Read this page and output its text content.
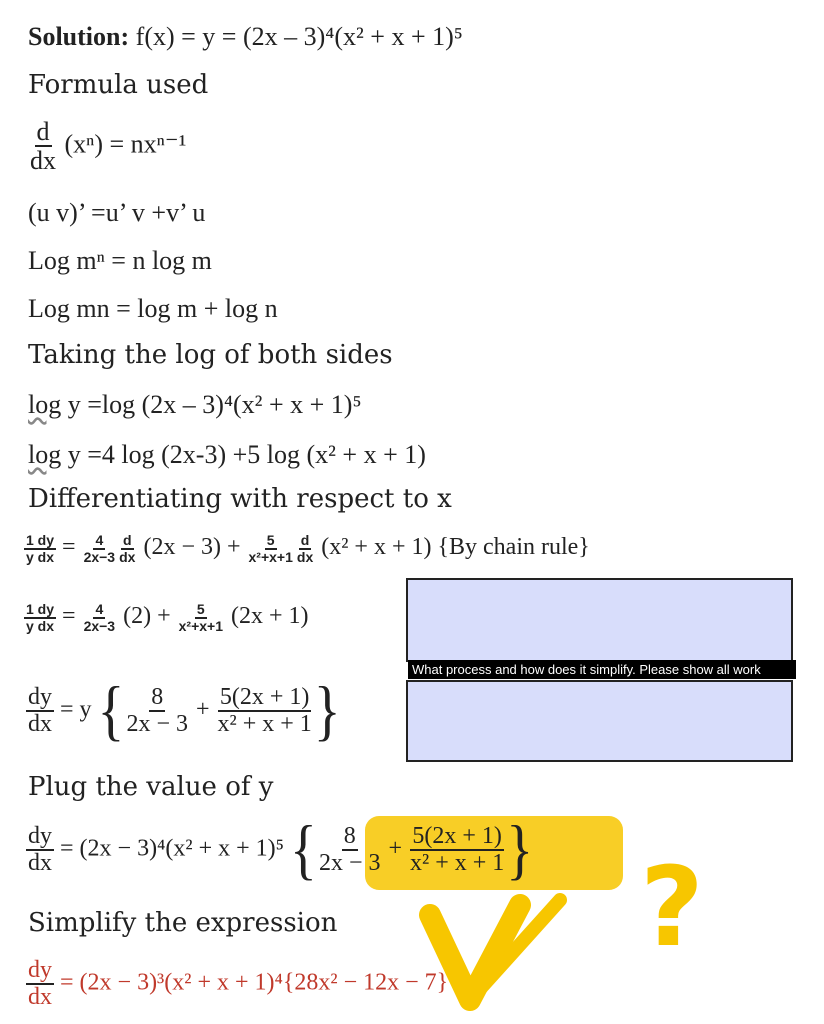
Solution: f(x) = y = (2x – 3)⁴(x² + x + 1)⁵
Formula used
$\frac{d}{dx} (x^n) = nx^{n-1}$
(u v)’ =u’ v +v’ u
Log mⁿ = n log m
Log mn = log m + log n
Taking the log of both sides
log y =log (2x – 3)⁴(x² + x + 1)⁵
log y =4 log (2x-3) +5 log (x² + x + 1)
Differentiating with respect to x
$\frac{1 dy}{\text{y dx}} = \frac{4}{2x-3} \frac{d}{dx} (2x - 3) + \frac{5}{\text{x²+x+1}} \frac{d}{dx} (x^2 + x + 1)$ {By chain rule}
$\frac{1 dy}{\text{y dx}} = \frac{4}{2x-3} (2) + \frac{5}{\text{x²+x+1}} (2x + 1)$
$\frac{dy}{dx} = y$ { $\frac{8}{2x - 3} + \frac{5(2x + 1)}{\text{x² + x + 1}}$ }
Plug the value of y
$\frac{dy}{dx} = (2x - 3)^4(x^2 + x + 1)^5$ { $\frac{8}{2x - 3} + \frac{5(2x + 1)}{\text{x² + x + 1}}$ }
Simplify the expression
$\frac{dy}{dx} = (2x - 3)^3(x^2 + x + 1)^4\{28x^2 - 12x - 7\}$
What process and how does it simplify. Please show all work
?
